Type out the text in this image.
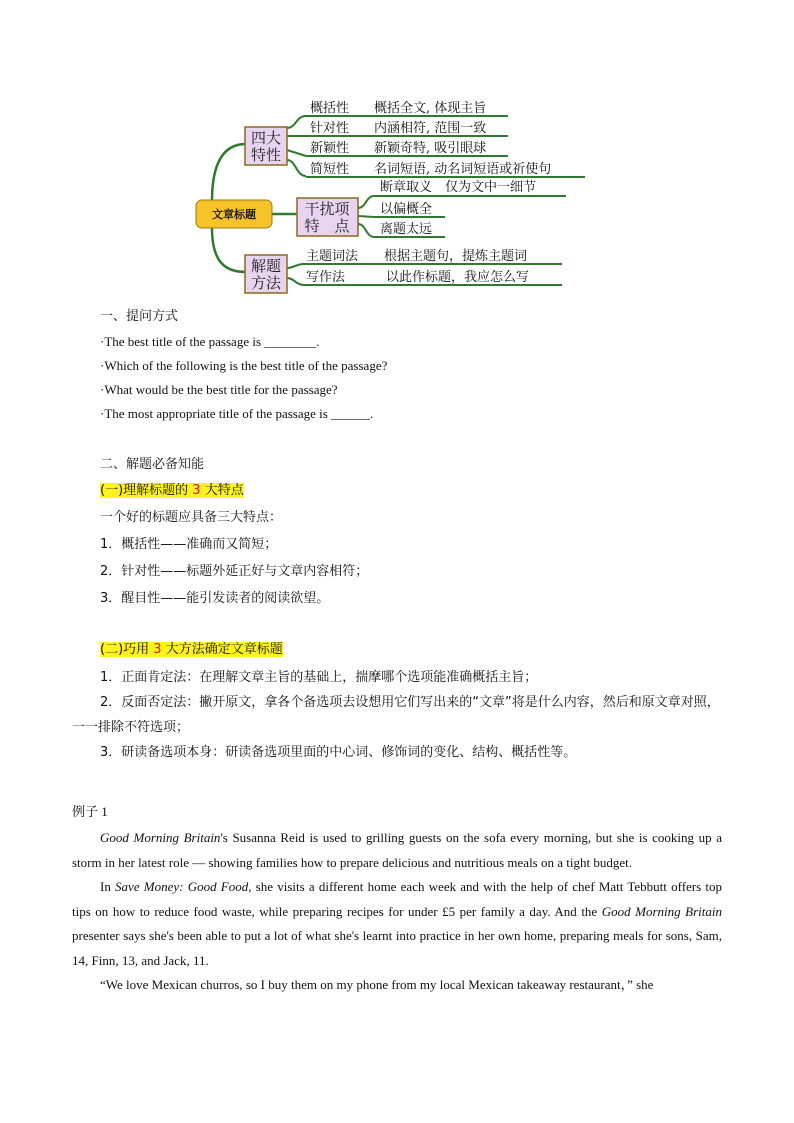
文章标题
四大
特性
干扰项
特　点
解题
方法
概括性 概括全文, 体现主旨
针对性 内涵相符, 范围一致
新颖性 新颖奇特, 吸引眼球
简短性 名词短语, 动名词短语或祈使句
断章取义　仅为文中一细节
以偏概全
离题太远
主题词法 根据主题句，提炼主题词
写作法	以此作标题，我应怎么写
一、提问方式
·The best title of the passage is ________.
·Which of the following is the best title of the passage?
·What would be the best title for the passage?
·The most appropriate title of the passage is ______.
二、解题必备知能
(一)理解标题的 3 大特点
一个好的标题应具备三大特点：
1．概括性——准确而又简短；
2．针对性——标题外延正好与文章内容相符；
3．醒目性——能引发读者的阅读欲望。
(二)巧用 3 大方法确定文章标题

1．正面肯定法：在理解文章主旨的基础上，揣摩哪个选项能准确概括主旨；

2．反面否定法：撇开原文，拿各个备选项去设想用它们写出来的“文章”将是什么内容，然后和原文章对照，一一排除不符选项；

3．研读备选项本身：研读备选项里面的中心词、修饰词的变化、结构、概括性等。

例子 1

Good Morning Britain's Susanna Reid is used to grilling guests on the sofa every morning, but she is cooking up a storm in her latest role — showing families how to prepare delicious and nutritious meals on a tight budget.

In Save Money: Good Food, she visits a different home each week and with the help of chef Matt Tebbutt offers top tips on how to reduce food waste, while preparing recipes for under £5 per family a day. And the Good Morning Britain presenter says she's been able to put a lot of what she's learnt into practice in her own home, preparing meals for sons, Sam, 14, Finn, 13, and Jack, 11.

“We love Mexican churros, so I buy them on my phone from my local Mexican takeaway restaurant，” she
